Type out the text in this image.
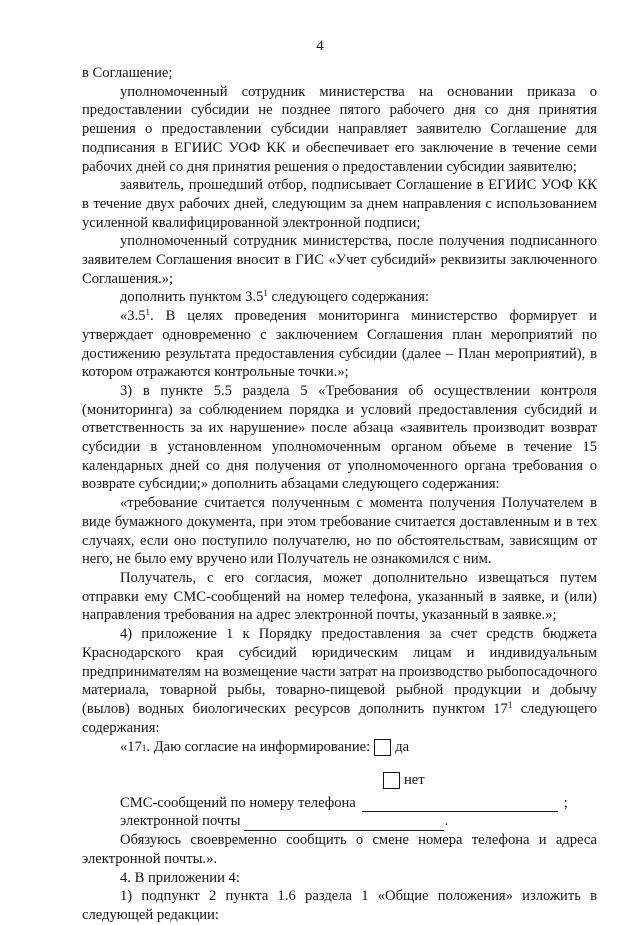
4

в Соглашение;

уполномоченный сотрудник министерства на основании приказа о предоставлении субсидии не позднее пятого рабочего дня со дня принятия решения о предоставлении субсидии направляет заявителю Соглашение для подписания в ЕГИИС УОФ КК и обеспечивает его заключение в течение семи рабочих дней со дня принятия решения о предоставлении субсидии заявителю;

заявитель, прошедший отбор, подписывает Соглашение в ЕГИИС УОФ КК в течение двух рабочих дней, следующим за днем направления с использованием усиленной квалифицированной электронной подписи;

уполномоченный сотрудник министерства, после получения подписанного заявителем Соглашения вносит в ГИС «Учет субсидий» реквизиты заключенного Соглашения.»;

дополнить пунктом $3.5^1$ следующего содержания:

«$3.5^1$. В целях проведения мониторинга министерство формирует и утверждает одновременно с заключением Соглашения план мероприятий по достижению результата предоставления субсидии (далее – План мероприятий), в котором отражаются контрольные точки.»;

3) в пункте 5.5 раздела 5 «Требования об осуществлении контроля (мониторинга) за соблюдением порядка и условий предоставления субсидий и ответственность за их нарушение» после абзаца «заявитель производит возврат субсидии в установленном уполномоченным органом объеме в течение 15 календарных дней со дня получения от уполномоченного органа требования о возврате субсидии;» дополнить абзацами следующего содержания:

«требование считается полученным с момента получения Получателем в виде бумажного документа, при этом требование считается доставленным и в тех случаях, если оно поступило получателю, но по обстоятельствам, зависящим от него, не было ему вручено или Получатель не ознакомился с ним.

Получатель, с его согласия, может дополнительно извещаться путем отправки ему СМС-сообщений на номер телефона, указанный в заявке, и (или) направления требования на адрес электронной почты, указанный в заявке.»;

4) приложение 1 к Порядку предоставления за счет средств бюджета Краснодарского края субсидий юридическим лицам и индивидуальным предпринимателям на возмещение части затрат на производство рыбопосадочного материала, товарной рыбы, товарно-пищевой рыбной продукции и добычу (вылов) водных биологических ресурсов дополнить пунктом $17^1$ следующего содержания:

«17 1 . Даю согласие на информирование: да
нет
СМС-сообщений по номеру телефона	;
электронной почты	.

Обязуюсь своевременно сообщить о смене номера телефона и адреса электронной почты.».

4. В приложении 4:

1) подпункт 2 пункта 1.6 раздела 1 «Общие положения» изложить в следующей редакции:
